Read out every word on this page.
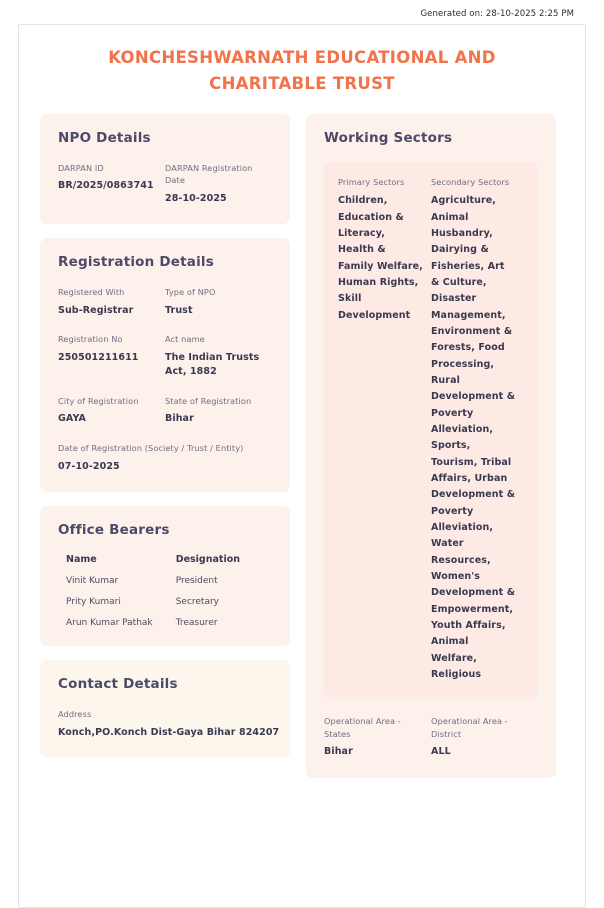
Generated on: 28-10-2025 2:25 PM
KONCHESHWARNATH EDUCATIONAL AND CHARITABLE TRUST
NPO Details
DARPAN ID
BR/2025/0863741
DARPAN Registration Date
28-10-2025
Registration Details
Registered With
Sub-Registrar
Type of NPO
Trust
Registration No
250501211611
Act name
The Indian Trusts Act, 1882
City of Registration
GAYA
State of Registration
Bihar
Date of Registration (Society / Trust / Entity)
07-10-2025
Office Bearers
Name	Designation
Vinit Kumar	President
Prity Kumari	Secretary
Arun Kumar Pathak	Treasurer
Contact Details
Address
Konch,PO.Konch Dist-Gaya Bihar 824207
Working Sectors
Primary Sectors
Children, Education & Literacy, Health & Family Welfare, Human Rights, Skill Development
Secondary Sectors
Agriculture, Animal Husbandry, Dairying & Fisheries, Art & Culture, Disaster Management, Environment & Forests, Food Processing, Rural Development & Poverty Alleviation, Sports, Tourism, Tribal Affairs, Urban Development & Poverty Alleviation, Water Resources, Women's Development & Empowerment, Youth Affairs, Animal Welfare, Religious
Operational Area - States
Bihar
Operational Area - District
ALL
